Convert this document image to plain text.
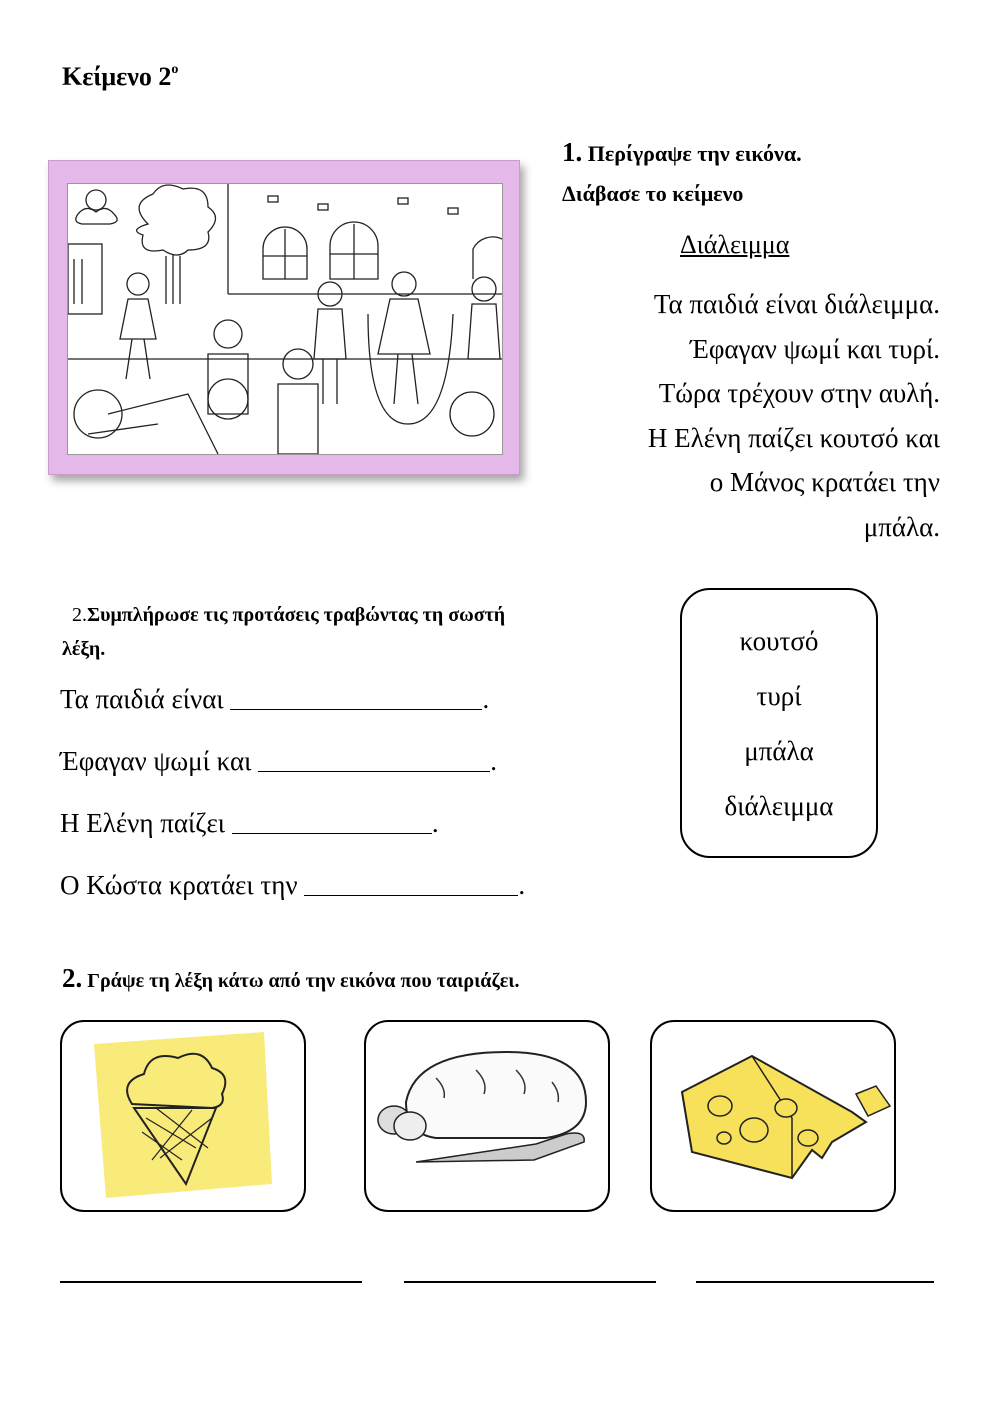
Κείμενο $2^o$
1. Περίγραψε την εικόνα.
Διάβασε το κείμενο
Διάλειμμα
Τα παιδιά είναι διάλειμμα.
Έφαγαν ψωμί και τυρί.
Τώρα τρέχουν στην αυλή.
Η Ελένη παίζει κουτσό και
ο Μάνος κρατάει την
μπάλα.
2.Συμπλήρωσε τις προτάσεις τραβώντας τη σωστή
λέξη.
Τα παιδιά είναι	.
Έφαγαν ψωμί και	.
Η Ελένη παίζει	.
Ο Κώστα κρατάει την	.
κουτσό
τυρί
μπάλα
διάλειμμα
2. Γράψε τη λέξη κάτω από την εικόνα που ταιριάζει.
